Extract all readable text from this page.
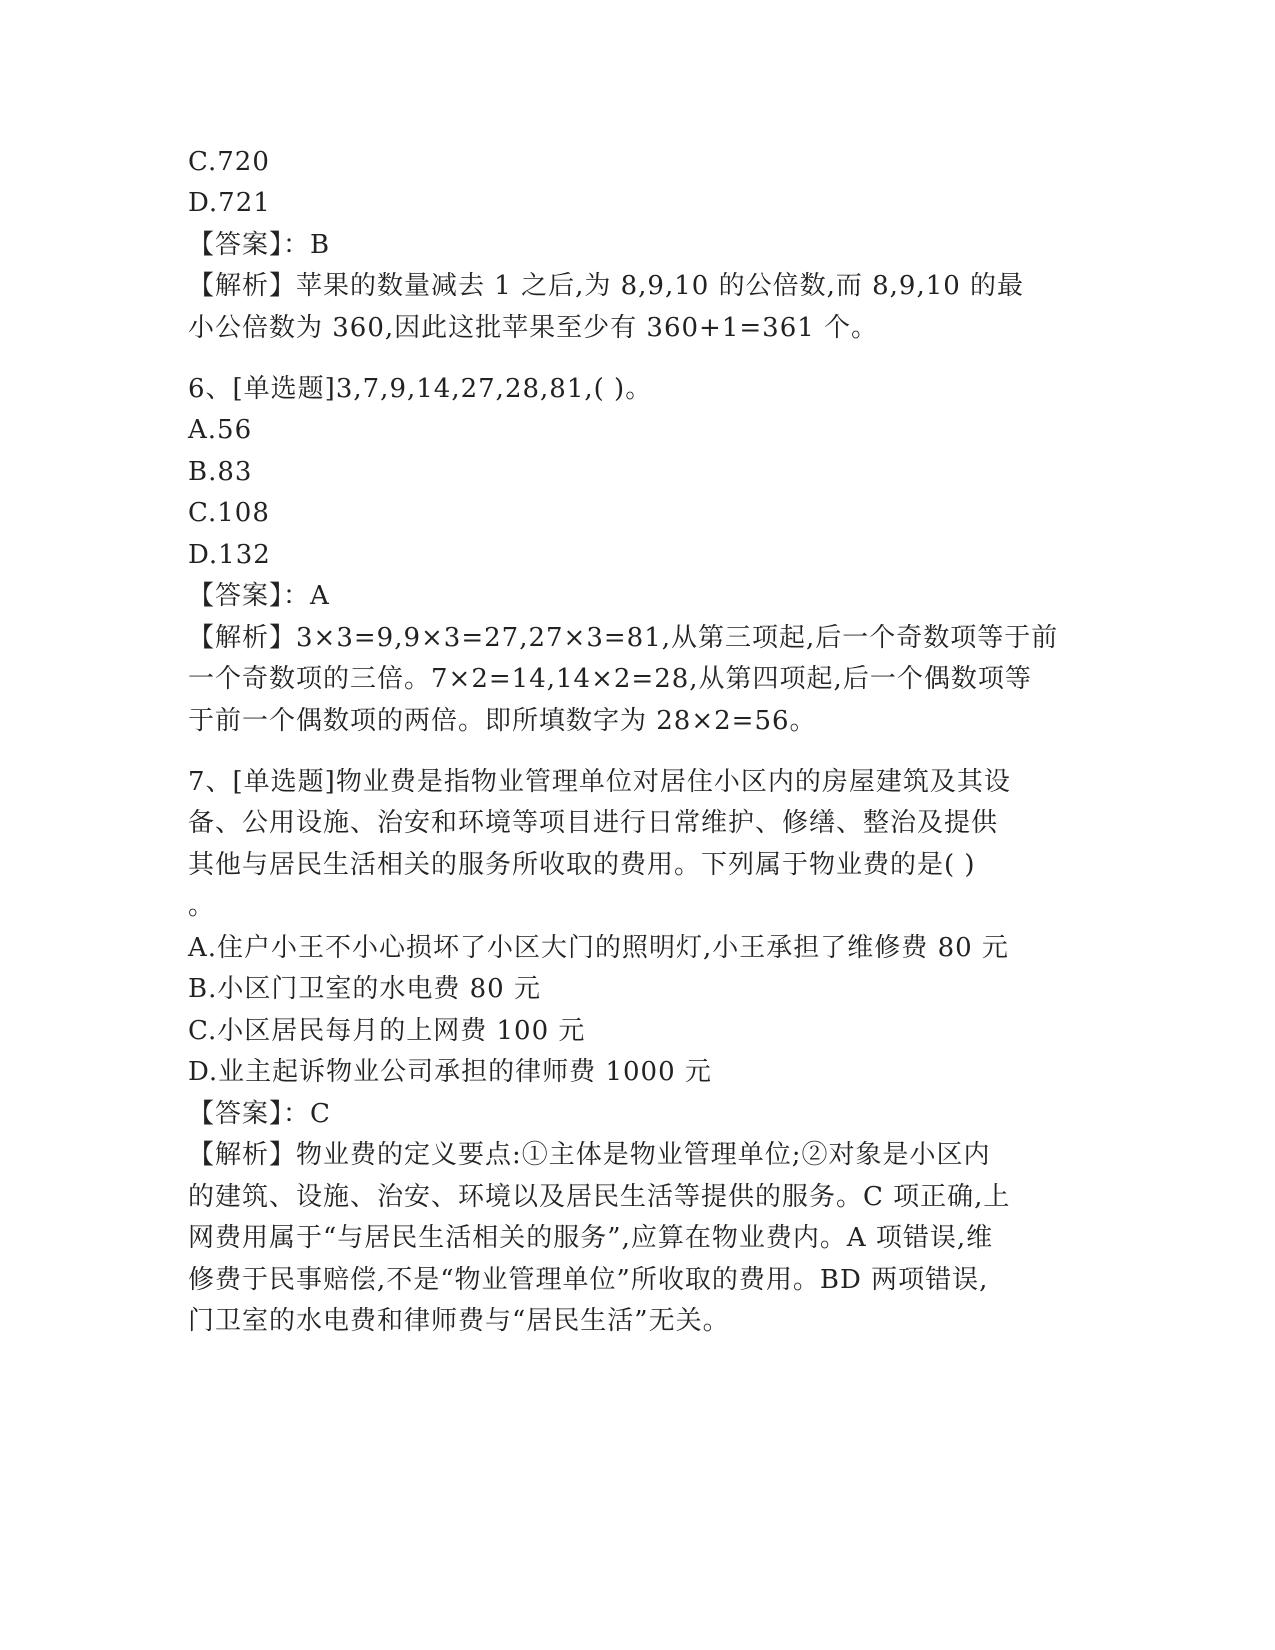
C.720
D.721
【答案】：B
【解析】苹果的数量减去 1 之后,为 8,9,10 的公倍数,而 8,9,10 的最
小公倍数为 360,因此这批苹果至少有 360+1=361 个。
6、[单选题]3,7,9,14,27,28,81,( )。
A.56
B.83
C.108
D.132
【答案】：A
【解析】3×3=9,9×3=27,27×3=81,从第三项起,后一个奇数项等于前
一个奇数项的三倍。7×2=14,14×2=28,从第四项起,后一个偶数项等
于前一个偶数项的两倍。即所填数字为 28×2=56。
7、[单选题]物业费是指物业管理单位对居住小区内的房屋建筑及其设
备、公用设施、治安和环境等项目进行日常维护、修缮、整治及提供
其他与居民生活相关的服务所收取的费用。下列属于物业费的是( )
。
A.住户小王不小心损坏了小区大门的照明灯,小王承担了维修费 80 元
B.小区门卫室的水电费 80 元
C.小区居民每月的上网费 100 元
D.业主起诉物业公司承担的律师费 1000 元
【答案】：C
【解析】物业费的定义要点:①主体是物业管理单位;②对象是小区内
的建筑、设施、治安、环境以及居民生活等提供的服务。C 项正确,上
网费用属于“与居民生活相关的服务”,应算在物业费内。A 项错误,维
修费于民事赔偿,不是“物业管理单位”所收取的费用。BD 两项错误,
门卫室的水电费和律师费与“居民生活”无关。
